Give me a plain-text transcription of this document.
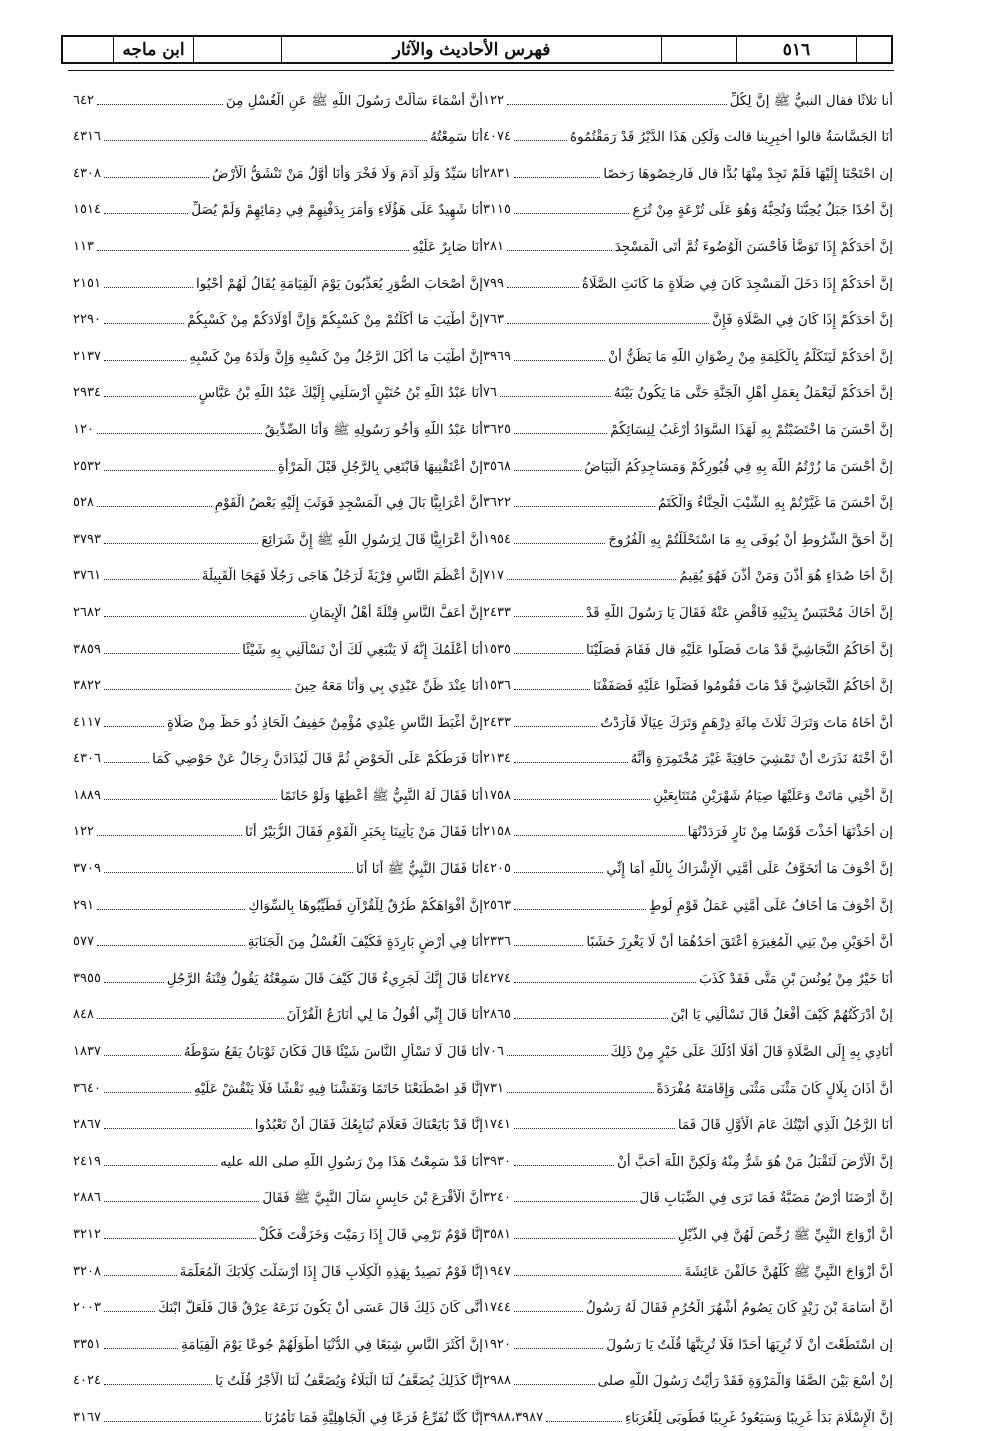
٥١٦
فهرس الأحاديث والآثار
ابن ماجه
١٢٢	أنا ثلاثًا فقال النبيُّ ﷺ إنَّ لِكُلِّ
٤٠٧٤	أنَا الجَسَّاسَةُ قالوا أخبِرِينا قالت وَلَكِن هَذَا الدَّيْرُ قَدْ رَمَقْتُمُوهُ
٢٨٣١	إن احْتَجْنَا إِلَيْهَا فَلَمْ نَجِدْ مِنْهَا بُدًّا قال فَارخِصُوهَا رَخصًا
٣١١٥	إنَّ أُحُدًا جَبَلٌ يُحِبُّنَا وَنُحِبُّهُ وَهُوَ عَلَى تُرْعَةٍ مِنْ تُرَعِ
٢٨١	إنَّ أَحَدَكُمْ إِذَا تَوَضَّأَ فَأَحْسَنَ الْوُضُوءَ ثُمَّ أَتَى الْمَسْجِدَ
٧٩٩	إنَّ أَحَدَكُمْ إِذَا دَخَلَ الْمَسْجِدَ كَانَ فِي صَلَاةٍ مَا كَانَتِ الصَّلَاةُ
٧٦٣	إنَّ أَحَدَكُمْ إِذَا كَانَ فِي الصَّلَاةِ فَإِنَّ
٣٩٦٩	إنَّ أَحَدَكُمْ لَيَتَكَلَّمُ بِالْكَلِمَةِ مِنْ رِضْوَانِ اللَّهِ مَا يَظُنُّ أَنْ
٧٦	إنَّ أَحَدَكُمْ لَيَعْمَلُ بِعَمَلِ أَهْلِ الْجَنَّةِ حَتَّى مَا يَكُونُ بَيْنَهُ
٣٦٢٥	إنَّ أَحْسَنَ مَا اخْتَضَبْتُمْ بِهِ لَهَذَا السَّوَادُ أَرْغَبُ لِنِسَائِكُمْ
٣٥٦٨	إنَّ أَحْسَنَ مَا زُرْتُمُ اللَّهَ بِهِ فِي قُبُورِكُمْ وَمَسَاجِدِكُمُ الْبَيَاضُ
٣٦٢٢	إنَّ أَحْسَنَ مَا غَيَّرْتُمْ بِهِ الشَّيْبَ الْحِنَّاءُ وَالْكَتَمُ
١٩٥٤	إنَّ أَحَقَّ الشُّرُوطِ أَنْ يُوفَى بِهِ مَا اسْتَحْلَلْتُمْ بِهِ الْفُرُوجَ
٧١٧	إنَّ أَخَا صُدَاءٍ هُوَ أَذَّنَ وَمَنْ أَذَّنَ فَهُوَ يُقِيمُ
٢٤٣٣	إنَّ أَخَاكَ مُحْتَبَسٌ بِدَيْنِهِ فَاقْضِ عَنْهُ فَقَالَ يَا رَسُولَ اللَّهِ قَدْ
١٥٣٥	إنَّ أَخَاكُمُ النَّجَاشِيَّ قَدْ مَاتَ فَصَلُّوا عَلَيْهِ قال فَقَامَ فَصَلَّيْنَا
١٥٣٦	إنَّ أَخَاكُمُ النَّجَاشِيَّ قَدْ مَاتَ فَقُومُوا فَصَلُّوا عَلَيْهِ فَصَفَفْنَا
٢٤٣٣	أنَّ أَخَاهُ مَاتَ وَتَرَكَ ثَلَاثَ مِائَةِ دِرْهَمٍ وَتَرَكَ عِيَالًا فَأَرَدْتُ
٢١٣٤	أنَّ أُخْتَهُ نَذَرَتْ أَنْ تَمْشِيَ حَافِيَةً غَيْرَ مُخْتَمِرَةٍ وَأَنَّهُ
١٧٥٨	إنَّ أُخْتِي مَاتَتْ وَعَلَيْهَا صِيَامُ شَهْرَيْنِ مُتَتَابِعَيْنِ
٢١٥٨	إن أَخَذْتَهَا أَخَذْتَ قَوْسًا مِنْ نَارٍ فَرَدَدْتُهَا
٤٢٠٥	إنَّ أَخْوَفَ مَا أَتَخَوَّفُ عَلَى أُمَّتِي الْإِشْرَاكُ بِاللَّهِ أَمَا إِنِّي
٢٥٦٣	إنَّ أَخْوَفَ مَا أَخَافُ عَلَى أُمَّتِي عَمَلُ قَوْمِ لُوطٍ
٢٣٣٦	أنَّ أَخَوَيْنِ مِنْ بَنِي الْمُغِيرَةِ أَعْتَقَ أَحَدُهُمَا أَنْ لَا يَغْرِزَ خَشَبًا
٤٢٧٤	أَنَا خَيْرٌ مِنْ يُونُسَ بْنِ مَتَّى فَقَدْ كَذَبَ
٢٨٦٥	إنْ أَدْرَكْتُهُمْ كَيْفَ أَفْعَلُ قَالَ تَسْأَلُنِي يَا ابْنَ
٧٠٦	أُنَادِي بِهِ إِلَى الصَّلَاةِ قَالَ أَفَلَا أَدُلُّكَ عَلَى خَيْرٍ مِنْ ذَلِكَ
٧٣١	أنَّ أَذَانَ بِلَالٍ كَانَ مَثْنَى مَثْنَى وَإِقَامَتَهُ مُفْرَدَةً
١٧٤١	أَنَا الرَّجُلُ الَّذِي أَتَيْتُكَ عَامَ الْأَوَّلِ قَالَ فَمَا
٣٩٣٠	إنَّ الْأَرْضَ لَتَقْبَلُ مَنْ هُوَ شَرٌّ مِنْهُ وَلَكِنَّ اللَّهَ أَحَبَّ أَنْ
٣٢٤٠	إنَّ أَرْضَنَا أَرْضٌ مَضَبَّةٌ فَمَا تَرَى فِي الضِّبَابِ قَالَ
٣٥٨١	أنَّ أَزْوَاجَ النَّبِيِّ ﷺ رُخِّصَ لَهُنَّ فِي الذَّيْلِ
١٩٤٧	أنَّ أَزْوَاجَ النَّبِيِّ ﷺ كُلَّهُنَّ خَالَفْنَ عَائِشَةَ
١٧٤٤	أنَّ أُسَامَةَ بْنَ زَيْدٍ كَانَ يَصُومُ أَشْهُرَ الْحُرُمِ فَقَالَ لَهُ رَسُولُ
١٩٢٠	إن اسْتَطَعْتَ أَنْ لَا تُرِيَهَا أَحَدًا فَلَا تُرِيَنَّهَا قُلْتُ يَا رَسُولَ
٢٩٨٨	إنْ أَسْعَ بَيْنَ الصَّفَا وَالْمَرْوَةِ فَقَدْ رَأَيْتُ رَسُولَ اللَّهِ صلى
٣٩٨٨،٣٩٨٧	إنَّ الْإِسْلَامَ بَدَأَ غَرِيبًا وَسَيَعُودُ غَرِيبًا فَطُوبَى لِلْغُرَبَاءِ
٦٤٢	أنَّ أَسْمَاءَ سَأَلَتْ رَسُولَ اللَّهِ ﷺ عَنِ الْغُسْلِ مِنَ
٤٣١٦	أَنَا سَمِعْتُهُ
٤٣٠٨	أَنَا سَيِّدُ وَلَدِ آدَمَ وَلَا فَخْرَ وَأَنَا أَوَّلُ مَنْ تَنْشَقُّ الْأَرْضُ
١٥١٤	أَنَا شَهِيدٌ عَلَى هَؤُلَاءِ وَأَمَرَ بِدَفْنِهِمْ فِي دِمَائِهِمْ وَلَمْ يُصَلِّ
١١٣	أَنَا صَابِرٌ عَلَيْهِ
٢١٥١	إنَّ أَصْحَابَ الصُّوَرِ يُعَذَّبُونَ يَوْمَ الْقِيَامَةِ يُقَالُ لَهُمْ أَحْيُوا
٢٢٩٠	إنَّ أَطْيَبَ مَا أَكَلْتُمْ مِنْ كَسْبِكُمْ وَإِنَّ أَوْلَادَكُمْ مِنْ كَسْبِكُمْ
٢١٣٧	إنَّ أَطْيَبَ مَا أَكَلَ الرَّجُلُ مِنْ كَسْبِهِ وَإِنَّ وَلَدَهُ مِنْ كَسْبِهِ
٢٩٣٤	أَنَا عَبْدُ اللَّهِ بْنُ حُنَيْنٍ أَرْسَلَنِي إِلَيْكَ عَبْدُ اللَّهِ بْنُ عَبَّاسٍ
١٢٠	أَنَا عَبْدُ اللَّهِ وَأَخُو رَسُولِهِ ﷺ وَأَنَا الصِّدِّيقُ
٢٥٣٢	إنْ أَعْتَقْتِيهَا فَابْتَغِي بِالرَّجُلِ قَبْلَ الْمَرْأَةِ
٥٢٨	أنَّ أَعْرَابِيًّا بَالَ فِي الْمَسْجِدِ فَوَثَبَ إِلَيْهِ بَعْضُ الْقَوْمِ
٣٧٩٣	أنَّ أَعْرَابِيًّا قَالَ لِرَسُولِ اللَّهِ ﷺ إِنَّ شَرَائِعَ
٣٧٦١	إنَّ أَعْظَمَ النَّاسِ فِرْيَةً لَرَجُلٌ هَاجَى رَجُلًا فَهَجَا الْقَبِيلَةَ
٢٦٨٢	إنَّ أَعَفَّ النَّاسِ قِتْلَةً أَهْلُ الْإِيمَانِ
٣٨٥٩	أَنَا أَعْلَمُكَ إِنَّهُ لَا يَنْبَغِي لَكَ أَنْ تَسْأَلَنِي بِهِ شَيْئًا
٣٨٢٢	أَنَا عِنْدَ ظَنِّ عَبْدِي بِي وَأَنَا مَعَهُ حِينَ
٤١١٧	إنَّ أَغْبَطَ النَّاسِ عِنْدِي مُؤْمِنٌ خَفِيفُ الْحَاذِ ذُو حَظٍّ مِنْ صَلَاةٍ
٤٣٠٦	أَنَا فَرَطُكُمْ عَلَى الْحَوْضِ ثُمَّ قَالَ لَيُذَادَنَّ رِجَالٌ عَنْ حَوْضِي كَمَا
١٨٨٩	أَنَا فَقَالَ لَهُ النَّبِيُّ ﷺ أَعْطِهَا وَلَوْ خَاتَمًا
١٢٢	أَنَا فَقَالَ مَنْ يَأْتِينَا بِخَبَرِ الْقَوْمِ فَقَالَ الزُّبَيْرُ أَنَا
٣٧٠٩	أَنَا فَقَالَ النَّبِيُّ ﷺ أَنَا أَنَا
٢٩١	إنَّ أَفْوَاهَكُمْ طُرُقٌ لِلْقُرْآنِ فَطَيِّبُوهَا بِالسِّوَاكِ
٥٧٧	أَنَا فِي أَرْضٍ بَارِدَةٍ فَكَيْفَ الْغُسْلُ مِنَ الْجَنَابَةِ
٣٩٥٥	أَنَا قَالَ إِنَّكَ لَجَرِيءٌ قَالَ كَيْفَ قَالَ سَمِعْتُهُ يَقُولُ فِتْنَةُ الرَّجُلِ
٨٤٨	أَنَا قَالَ إِنِّي أَقُولُ مَا لِي أُنَازَعُ الْقُرْآنَ
١٨٣٧	أَنَا قَالَ لَا تَسْأَلِ النَّاسَ شَيْئًا قَالَ فَكَانَ ثَوْبَانُ يَقَعُ سَوْطُهُ
٣٦٤٠	إنَّا قَدِ اصْطَنَعْنَا خَاتَمًا وَنَقَشْنَا فِيهِ نَقْشًا فَلَا يَنْقُشْ عَلَيْهِ
٢٨٦٧	إنَّا قَدْ بَايَعْنَاكَ فَعَلَامَ نُبَايِعُكَ فَقَالَ أَنْ تَعْبُدُوا
٢٤١٩	أَنَا قَدْ سَمِعْتُ هَذَا مِنْ رَسُولِ اللَّهِ صلى الله عليه
٢٨٨٦	أنَّ الْأَقْرَعَ بْنَ حَابِسٍ سَأَلَ النَّبِيَّ ﷺ فَقَالَ
٣٢١٢	إنَّا قَوْمٌ نَرْمِي قَالَ إِذَا رَمَيْتَ وَخَزَقْتَ فَكُلْ
٣٢٠٨	إنَّا قَوْمٌ نَصِيدُ بِهَذِهِ الْكِلَابِ قَالَ إِذَا أَرْسَلْتَ كِلَابَكَ الْمُعَلَّمَةَ
٢٠٠٣	أَنَّى كَانَ ذَلِكَ قَالَ عَسَى أَنْ يَكُونَ نَزَعَهُ عِرْقٌ قَالَ فَلَعَلَّ ابْنَكَ
٣٣٥١	إنَّ أَكْثَرَ النَّاسِ شِبَعًا فِي الدُّنْيَا أَطْوَلُهُمْ جُوعًا يَوْمَ الْقِيَامَةِ
٤٠٢٤	إنَّا كَذَلِكَ يُضَعَّفُ لَنَا الْبَلَاءُ وَيُضَعَّفُ لَنَا الْأَجْرُ قُلْتُ يَا
٣١٦٧	إنَّا كُنَّا نُفَرِّعُ فَرَعًا فِي الْجَاهِلِيَّةِ فَمَا تَأْمُرُنَا
